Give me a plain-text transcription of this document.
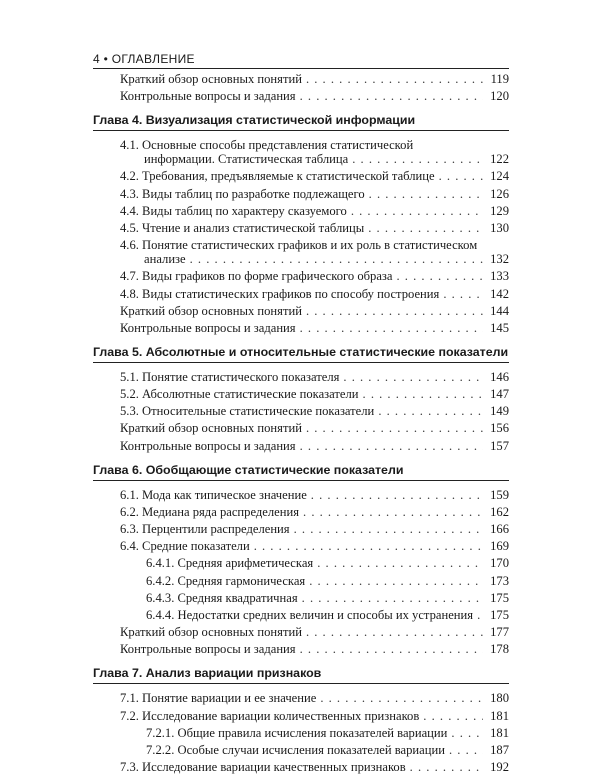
4 • ОГЛАВЛЕНИЕ
Краткий обзор основных понятий . . .	119
Контрольные вопросы и задания . . .	120
Глава 4. Визуализация статистической информации
4.1. Основные способы представления статистической
информации. Статистическая таблица . . .	122
4.2. Требования, предъявляемые к статистической таблице . . .	124
4.3. Виды таблиц по разработке подлежащего . . .	126
4.4. Виды таблиц по характеру сказуемого . . .	129
4.5. Чтение и анализ статистической таблицы . . .	130
4.6. Понятие статистических графиков и их роль в статистическом
анализе . . .	132
4.7. Виды графиков по форме графического образа . . .	133
4.8. Виды статистических графиков по способу построения . . .	142
Краткий обзор основных понятий . . .	144
Контрольные вопросы и задания . . .	145
Глава 5. Абсолютные и относительные статистические показатели
5.1. Понятие статистического показателя . . .	146
5.2. Абсолютные статистические показатели . . .	147
5.3. Относительные статистические показатели . . .	149
Краткий обзор основных понятий . . .	156
Контрольные вопросы и задания . . .	157
Глава 6. Обобщающие статистические показатели
6.1. Мода как типическое значение . . .	159
6.2. Медиана ряда распределения . . .	162
6.3. Перцентили распределения . . .	166
6.4. Средние показатели . . .	169
6.4.1. Средняя арифметическая . . .	170
6.4.2. Средняя гармоническая . . .	173
6.4.3. Средняя квадратичная . . .	175
6.4.4. Недостатки средних величин и способы их устранения . . . 175
Краткий обзор основных понятий . . .	177
Контрольные вопросы и задания . . .	178
Глава 7. Анализ вариации признаков
7.1. Понятие вариации и ее значение . . .	180
7.2. Исследование вариации количественных признаков . . .	181
7.2.1. Общие правила исчисления показателей вариации . . .	181
7.2.2. Особые случаи исчисления показателей вариации . . .	187
7.3. Исследование вариации качественных признаков . . .	192
